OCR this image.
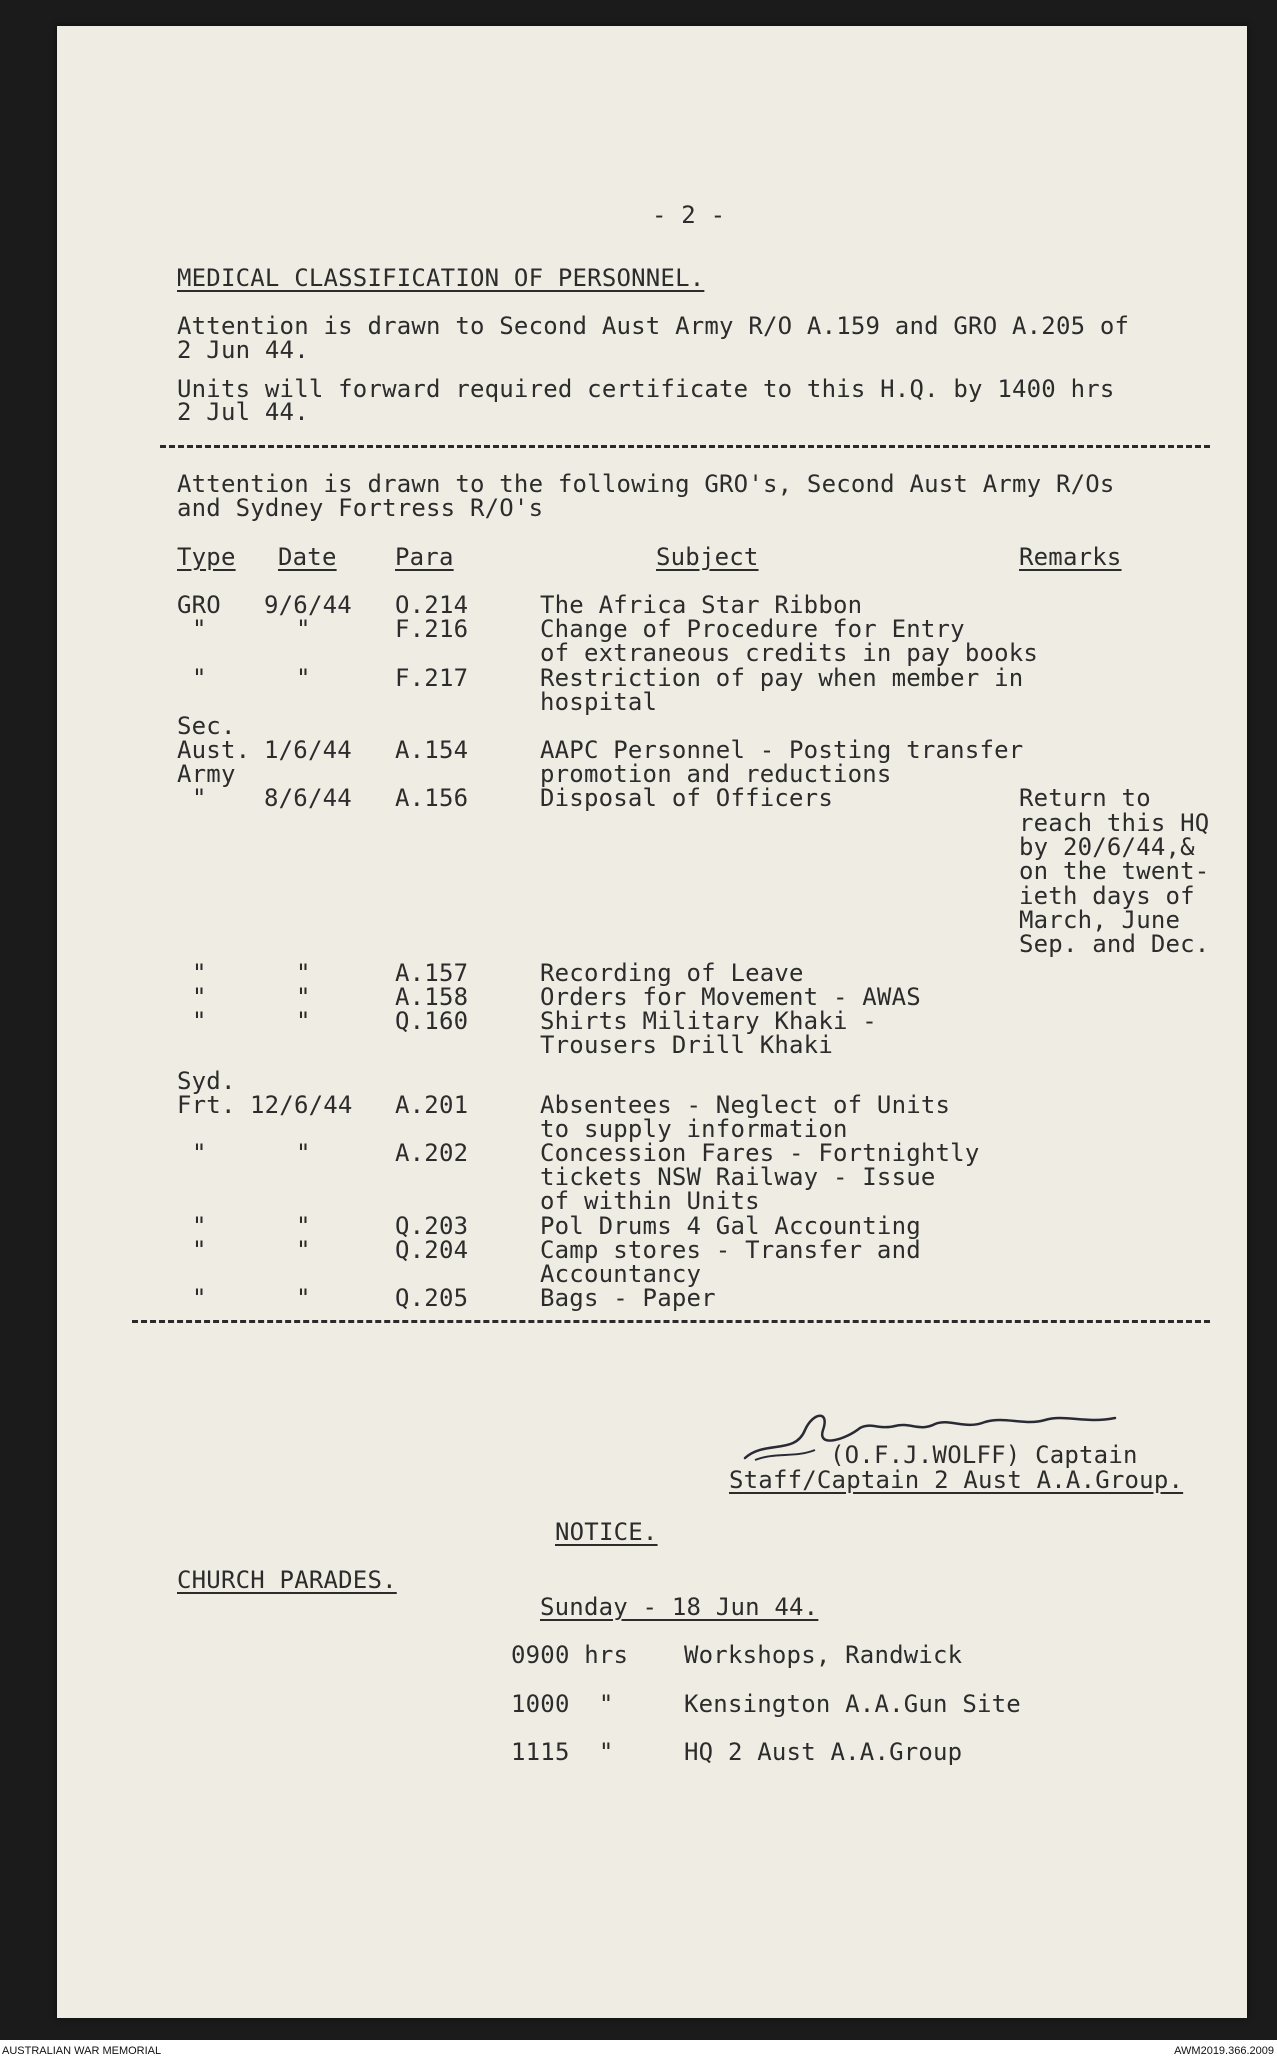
- 2 -
MEDICAL CLASSIFICATION OF PERSONNEL.
Attention is drawn to Second Aust Army R/O A.159 and GRO A.205 of
2 Jun 44.
Units will forward required certificate to this H.Q. by 1400 hrs
2 Jul 44.
Attention is drawn to the following GRO's, Second Aust Army R/Os
and Sydney Fortress R/O's
Type Date Para	Subject	Remarks
GRO 9/6/44 O.214	The Africa Star Ribbon
"	"	F.216	Change of Procedure for Entry
of extraneous credits in pay books
"	"	F.217	Restriction of pay when member in
hospital
Sec.
Aust. 1/6/44 A.154	AAPC Personnel - Posting transfer
Army	promotion and reductions
" 8/6/44 A.156	Disposal of Officers	Return to
reach this HQ
by 20/6/44,&
on the twent-
ieth days of
March, June
Sep. and Dec.
"	"	A.157	Recording of Leave
"	"	A.158	Orders for Movement - AWAS
"	"	Q.160	Shirts Military Khaki -
Trousers Drill Khaki
Syd.
Frt. 12/6/44 A.201	Absentees - Neglect of Units
to supply information
"	"	A.202	Concession Fares - Fortnightly
tickets NSW Railway - Issue
of within Units
"	"	Q.203	Pol Drums 4 Gal Accounting
"	"	Q.204	Camp stores - Transfer and
Accountancy
"	"	Q.205	Bags - Paper
(O.F.J.WOLFF) Captain
Staff/Captain 2 Aust A.A.Group.
NOTICE.
CHURCH PARADES.
Sunday - 18 Jun 44.
0900 hrs Workshops, Randwick
1000  "	Kensington A.A.Gun Site
1115  "	HQ 2 Aust A.A.Group
AUSTRALIAN WAR MEMORIAL	AWM2019.366.2009
